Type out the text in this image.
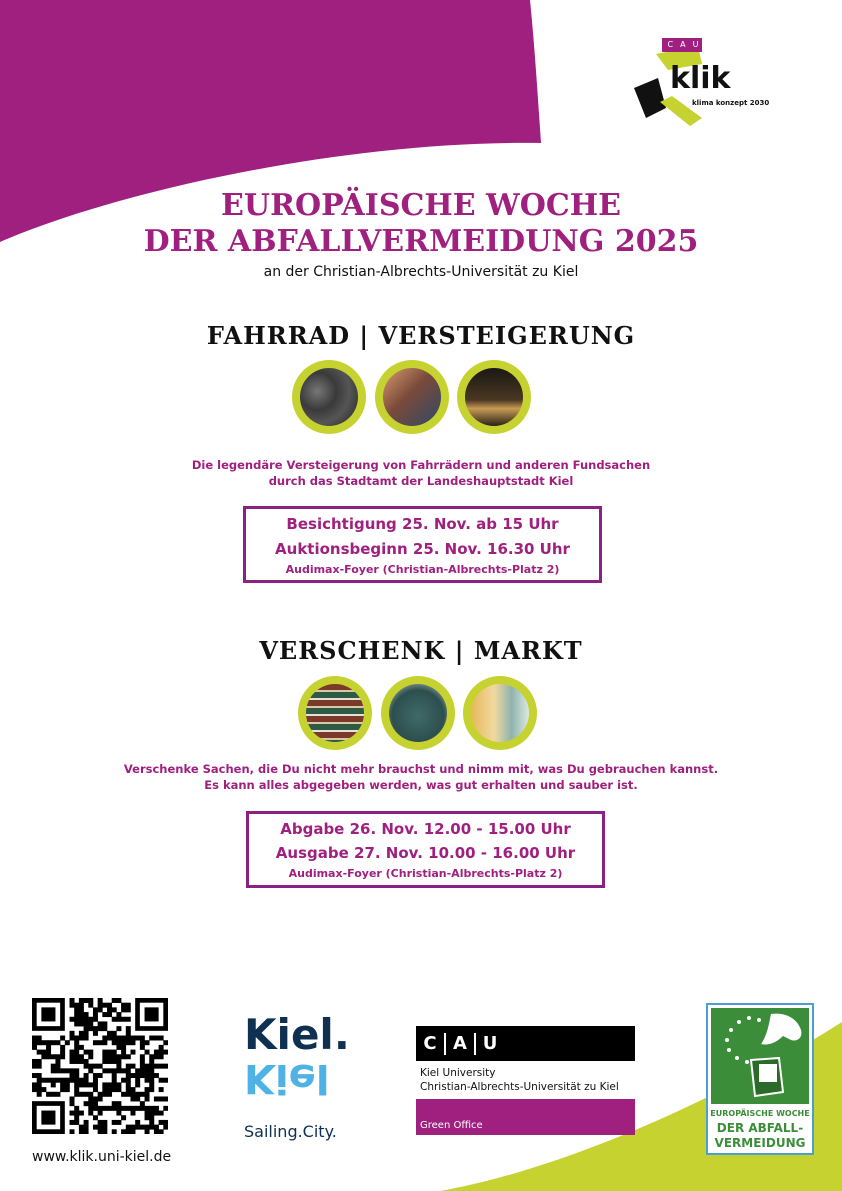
C A U
klik
klima konzept 2030
EUROPÄISCHE WOCHE
DER ABFALLVERMEIDUNG 2025
an der Christian-Albrechts-Universität zu Kiel
FAHRRAD | VERSTEIGERUNG
Die legendäre Versteigerung von Fahrrädern und anderen Fundsachen
durch das Stadtamt der Landeshauptstadt Kiel
Besichtigung 25. Nov. ab 15 Uhr
Auktionsbeginn 25. Nov. 16.30 Uhr
Audimax-Foyer (Christian-Albrechts-Platz 2)
VERSCHENK | MARKT
Verschenke Sachen, die Du nicht mehr brauchst und nimm mit, was Du gebrauchen kannst.
Es kann alles abgegeben werden, was gut erhalten und sauber ist.
Abgabe 26. Nov. 12.00 - 15.00 Uhr
Ausgabe 27. Nov. 10.00 - 16.00 Uhr
Audimax-Foyer (Christian-Albrechts-Platz 2)
www.klik.uni-kiel.de
Kiel.
Kiel
Sailing.City.
C A U
Kiel University
Christian-Albrechts-Universität zu Kiel
Green Office
EUROPÄISCHE WOCHE
DER ABFALL-
VERMEIDUNG
